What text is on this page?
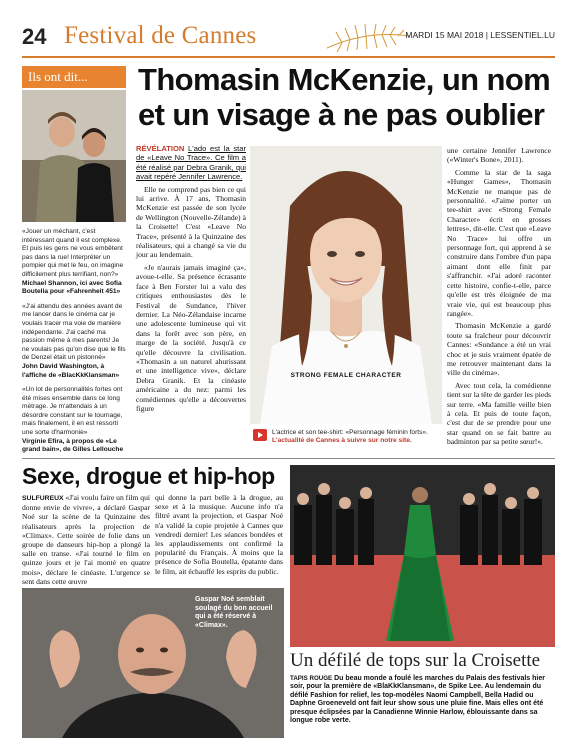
24 Festival de Cannes	MARDI 15 MAI 2018 | LESSENTIEL.LU
Ils ont dit...
«Jouer un méchant, c'est intéressant quand il est complexe. Et puis les gens ne vous embêtent pas dans la rue! Interpréter un pompier qui met le feu, on imagine difficilement plus terrifiant, non?»
Michael Shannon, ici avec Sofia Boutella pour «Fahrenheit 451»
«J'ai attendu des années avant de me lancer dans le cinéma car je voulais tracer ma voie de manière indépendante. J'ai caché ma passion même à mes parents! Je ne voulais pas qu'on dise que le fils de Denzel était un pistonné»
John David Washington, à l'affiche de «BlacKkKlansman»
«Un lot de personnalités fortes ont été mises ensemble dans ce long métrage. Je m'attendais à un désordre constant sur le tournage, mais finalement, il en est ressorti une sorte d'harmonie»
Virginie Efira, à propos de «Le grand bain», de Gilles Lellouche
Thomasin McKenzie, un nom et un visage à ne pas oublier
RÉVÉLATION L'ado est la star de «Leave No Trace». Ce film a été réalisé par Debra Granik, qui avait repéré Jennifer Lawrence.

Elle ne comprend pas bien ce qui lui arrive. À 17 ans, Thomasin McKenzie est passée de son lycée de Wellington (Nouvelle-Zélande) à la Croisette! C'est «Leave No Trace», présenté à la Quinzaine des réalisateurs, qui a changé sa vie du jour au lendemain.

«Je n'aurais jamais imaginé ça», avoue-t-elle. Sa présence écrasante face à Ben Forster lui a valu des critiques enthousiastes dès le Festival de Sundance, l'hiver dernier. La Néo-Zélandaise incarne une adolescente lumineuse qui vit dans la forêt avec son père, en marge de la société. Jusqu'à ce qu'elle découvre la civilisation. «Thomasin a un naturel ahurissant et une intelligence vive», déclare Debra Granik. Et la cinéaste américaine a du nez: parmi les comédiennes qu'elle a découvertes figure

STRONG FEMALE CHARACTER
L'actrice et son tee-shirt: «Personnage féminin forts».
L'actualité de Cannes à suivre sur notre site.

une certaine Jennifer Lawrence («Winter's Bone», 2011).

Comme la star de la saga «Hunger Games», Thomasin McKenzie ne manque pas de personnalité. «J'aime porter un tee-shirt avec «Strong Female Character» écrit en grosses lettres», dit-elle. C'est que «Leave No Trace» lui offre un personnage fort, qui apprend à se construire dans l'ombre d'un papa aimant dont elle finit par s'affranchir. «J'ai adoré raconter cette histoire, confie-t-elle, parce qu'elle est très éloignée de ma vraie vie, qui est beaucoup plus rangée».

Thomasin McKenzie a gardé toute sa fraîcheur pour découvrir Cannes: «Sundance a été un vrai choc et je suis vraiment épatée de me retrouver maintenant dans la ville du cinéma».

Avec tout cela, la comédienne tient sur la tête de garder les pieds sur terre. «Ma famille veille bien à cela. Et puis de toute façon, c'est dur de se prendre pour une star quand on se fait battre au badminton par sa petite sœur!».

Sexe, drogue et hip-hop
SULFUREUX «J'ai voulu faire un film qui donne envie de vivre», a déclaré Gaspar Noé sur la scène de la Quinzaine des réalisateurs après la projection de «Climax». Cette soirée de folie dans un groupe de danseurs hip-hop a plongé la salle en transe. «J'ai tourné le film en quinze jours et je l'ai monté en quatre mois», déclare le cinéaste. L'urgence se sent dans cette œuvre
qui donne la part belle à la drogue, au sexe et à la musique. Aucune info n'a filtré avant la projection, et Gaspar Noé n'a validé la copie projetée à Cannes que vendredi dernier! Les séances bondées et les applaudissements ont confirmé la popularité du Français. À moins que la présence de Sofia Boutella, épatante dans le film, ait échauffé les esprits du public.
Gaspar Noé semblait soulagé du bon accueil qui a été réservé à «Climax».
Un défilé de tops sur la Croisette
TAPIS ROUGE Du beau monde a foulé les marches du Palais des festivals hier soir, pour la première de «BlaKkKlansman», de Spike Lee. Au lendemain du défilé Fashion for relief, les top-modèles Naomi Campbell, Bella Hadid ou Daphne Groeneveld ont fait leur show sous une pluie fine. Mais elles ont été presque éclipsées par la Canadienne Winnie Harlow, éblouissante dans sa longue robe verte.
